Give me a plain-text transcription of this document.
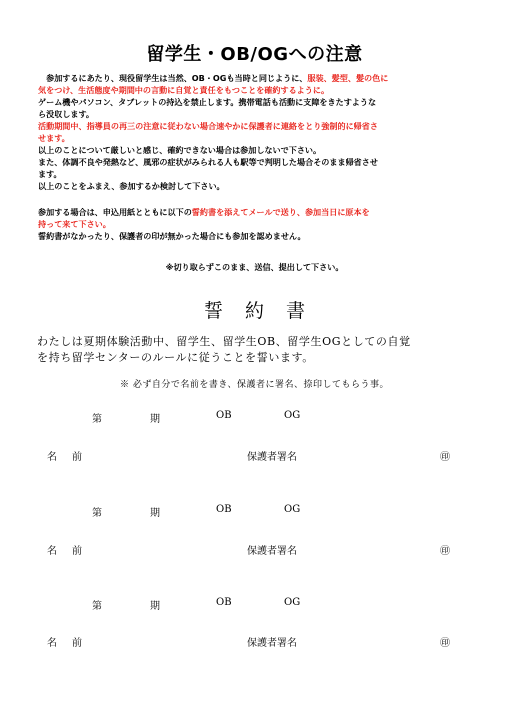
留学生・OB/OGへの注意
　参加するにあたり、現役留学生は当然、OB・OGも当時と同じように、服装、髪型、髪の色に
気をつけ、生活態度や期間中の言動に自覚と責任をもつことを確約するように。
ゲーム機やパソコン、タブレットの持込を禁止します。携帯電話も活動に支障をきたすような
ら没収します。
活動期間中、指導員の再三の注意に従わない場合速やかに保護者に連絡をとり強制的に帰省さ
せます。
以上のことについて厳しいと感じ、確約できない場合は参加しないで下さい。
また、体調不良や発熱など、風邪の症状がみられる人も駅等で判明した場合そのまま帰省させ
ます。
以上のことをふまえ、参加するか検討して下さい。
参加する場合は、申込用紙とともに以下の誓約書を添えてメールで送り、参加当日に原本を
持って来て下さい。
誓約書がなかったり、保護者の印が無かった場合にも参加を認めません。
※切り取らずこのまま、送信、提出して下さい。
誓約書
わたしは夏期体験活動中、留学生、留学生OB、留学生OGとしての自覚
を持ち留学センターのルールに従うことを誓います。
※ 必ず自分で名前を書き、保護者に署名、捺印してもらう事。
第	期	OB	OG
名 前	保護者署名	㊞
第	期	OB	OG
名 前	保護者署名	㊞
第	期	OB	OG
名 前	保護者署名	㊞
